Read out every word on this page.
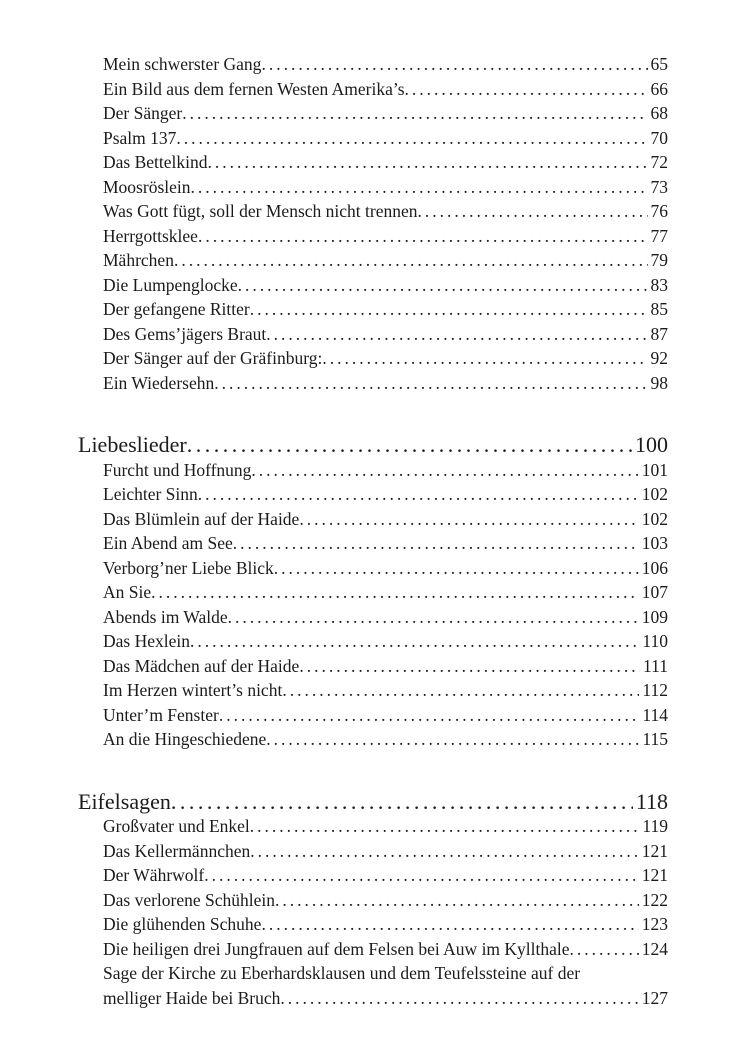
Mein schwerster Gang .....	65
Ein Bild aus dem fernen Westen Amerika’s .....	66
Der Sänger .....	68
Psalm 137 .....	70
Das Bettelkind .....	72
Moosröslein .....	73
Was Gott fügt, soll der Mensch nicht trennen .....	76
Herrgottsklee .....	77
Mährchen .....	79
Die Lumpenglocke .....	83
Der gefangene Ritter .....	85
Des Gems’jägers Braut .....	87
Der Sänger auf der Gräfinburg: .....	92
Ein Wiedersehn .....	98
Liebeslieder .....	100
Furcht und Hoffnung .....	101
Leichter Sinn .....	102
Das Blümlein auf der Haide .....	102
Ein Abend am See .....	103
Verborg’ner Liebe Blick .....	106
An Sie .....	107
Abends im Walde .....	109
Das Hexlein .....	110
Das Mädchen auf der Haide .....	111
Im Herzen wintert’s nicht .....	112
Unter’m Fenster .....	114
An die Hingeschiedene .....	115
Eifelsagen .....	118
Großvater und Enkel .....	119
Das Kellermännchen .....	121
Der Währwolf .....	121
Das verlorene Schühlein .....	122
Die glühenden Schuhe .....	123
Die heiligen drei Jungfrauen auf dem Felsen bei Auw im Kyllthale .....	124
Sage der Kirche zu Eberhardsklausen und dem Teufelssteine auf der
melliger Haide bei Bruch .....	127
